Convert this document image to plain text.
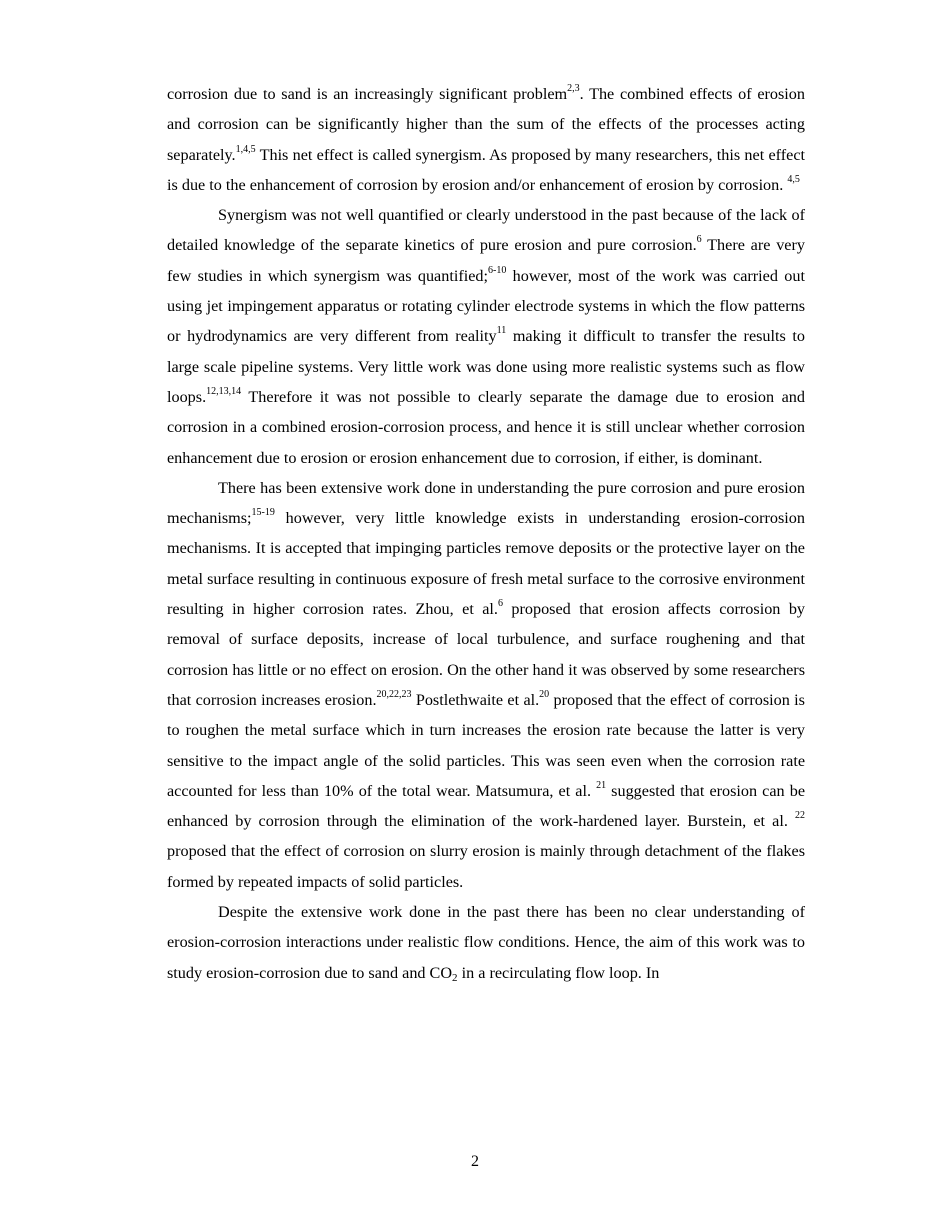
corrosion due to sand is an increasingly significant problem$^{2,3}$. The combined effects of erosion and corrosion can be significantly higher than the sum of the effects of the processes acting separately.$^{1,4,5}$ This net effect is called synergism. As proposed by many researchers, this net effect is due to the enhancement of corrosion by erosion and/or enhancement of erosion by corrosion. $^{4,5}$

Synergism was not well quantified or clearly understood in the past because of the lack of detailed knowledge of the separate kinetics of pure erosion and pure corrosion.$^6$ There are very few studies in which synergism was quantified;$^{6-10}$ however, most of the work was carried out using jet impingement apparatus or rotating cylinder electrode systems in which the flow patterns or hydrodynamics are very different from reality$^{11}$ making it difficult to transfer the results to large scale pipeline systems. Very little work was done using more realistic systems such as flow loops.$^{12,13,14}$ Therefore it was not possible to clearly separate the damage due to erosion and corrosion in a combined erosion-corrosion process, and hence it is still unclear whether corrosion enhancement due to erosion or erosion enhancement due to corrosion, if either, is dominant.

There has been extensive work done in understanding the pure corrosion and pure erosion mechanisms;$^{15-19}$ however, very little knowledge exists in understanding erosion-corrosion mechanisms. It is accepted that impinging particles remove deposits or the protective layer on the metal surface resulting in continuous exposure of fresh metal surface to the corrosive environment resulting in higher corrosion rates. Zhou, et al.$^6$ proposed that erosion affects corrosion by removal of surface deposits, increase of local turbulence, and surface roughening and that corrosion has little or no effect on erosion. On the other hand it was observed by some researchers that corrosion increases erosion.$^{20,22,23}$ Postlethwaite et al.$^{20}$ proposed that the effect of corrosion is to roughen the metal surface which in turn increases the erosion rate because the latter is very sensitive to the impact angle of the solid particles. This was seen even when the corrosion rate accounted for less than 10% of the total wear. Matsumura, et al. $^{21}$ suggested that erosion can be enhanced by corrosion through the elimination of the work-hardened layer. Burstein, et al. $^{22}$ proposed that the effect of corrosion on slurry erosion is mainly through detachment of the flakes formed by repeated impacts of solid particles.

Despite the extensive work done in the past there has been no clear understanding of erosion-corrosion interactions under realistic flow conditions. Hence, the aim of this work was to study erosion-corrosion due to sand and $CO_2$ in a recirculating flow loop. In

2
